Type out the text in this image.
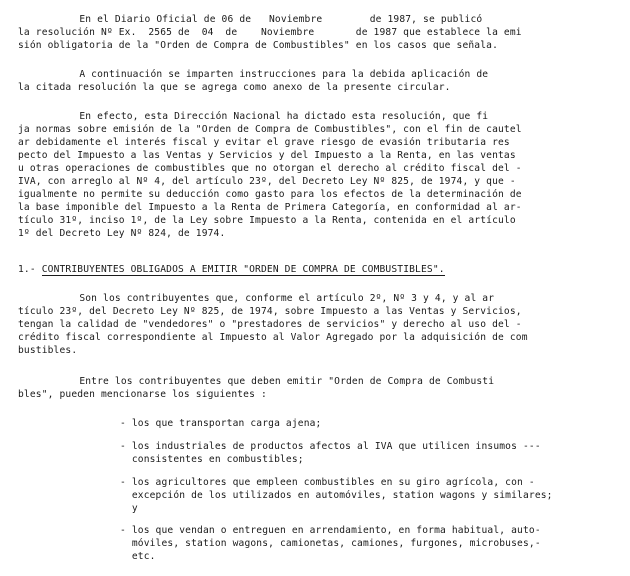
En el Diario Oficial de 06 de   Noviembre        de 1987, se publicó
la resolución Nº Ex.  2565 de  04  de    Noviembre       de 1987 que establece la emi
sión obligatoria de la "Orden de Compra de Combustibles" en los casos que señala.
A continuación se imparten instrucciones para la debida aplicación de
la citada resolución la que se agrega como anexo de la presente circular.
En efecto, esta Dirección Nacional ha dictado esta resolución, que fi
ja normas sobre emisión de la "Orden de Compra de Combustibles", con el fin de cautel
ar debidamente el interés fiscal y evitar el grave riesgo de evasión tributaria res
pecto del Impuesto a las Ventas y Servicios y del Impuesto a la Renta, en las ventas
u otras operaciones de combustibles que no otorgan el derecho al crédito fiscal del -
IVA, con arreglo al Nº 4, del artículo 23º, del Decreto Ley Nº 825, de 1974, y que -
igualmente no permite su deducción como gasto para los efectos de la determinación de
la base imponible del Impuesto a la Renta de Primera Categoría, en conformidad al ar-
tículo 31º, inciso 1º, de la Ley sobre Impuesto a la Renta, contenida en el artículo
1º del Decreto Ley Nº 824, de 1974.
1.- CONTRIBUYENTES OBLIGADOS A EMITIR "ORDEN DE COMPRA DE COMBUSTIBLES".
Son los contribuyentes que, conforme el artículo 2º, Nº 3 y 4, y al ar
tículo 23º, del Decreto Ley Nº 825, de 1974, sobre Impuesto a las Ventas y Servicios,
tengan la calidad de "vendedores" o "prestadores de servicios" y derecho al uso del -
crédito fiscal correspondiente al Impuesto al Valor Agregado por la adquisición de com
bustibles.
Entre los contribuyentes que deben emitir "Orden de Compra de Combusti
bles", pueden mencionarse los siguientes :
- los que transportan carga ajena;
- los industriales de productos afectos al IVA que utilicen insumos ---
consistentes en combustibles;
- los agricultores que empleen combustibles en su giro agrícola, con -
excepción de los utilizados en automóviles, station wagons y similares;
y
- los que vendan o entreguen en arrendamiento, en forma habitual, auto-
móviles, station wagons, camionetas, camiones, furgones, microbuses,-
etc.
